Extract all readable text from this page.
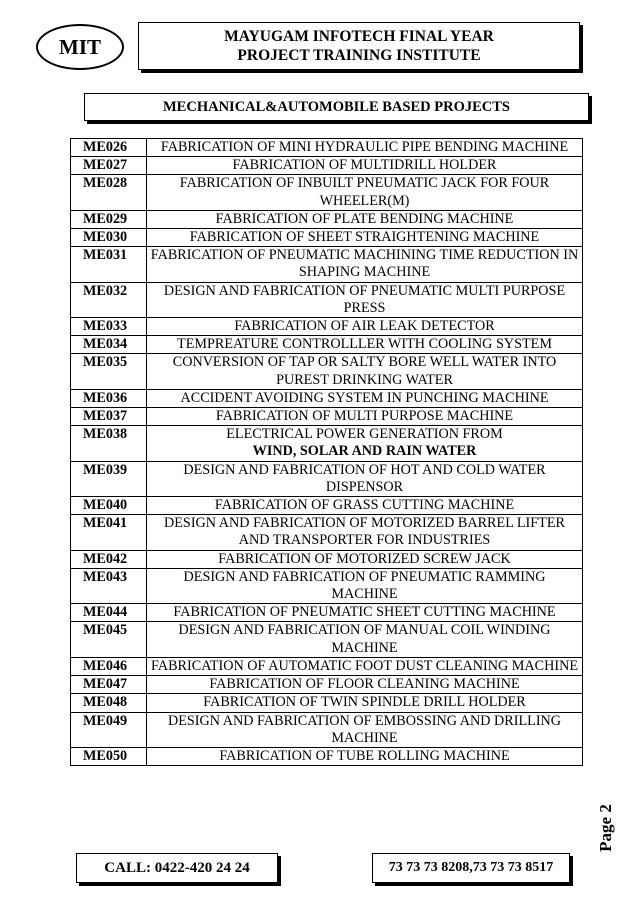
MIT	MAYUGAM INFOTECH FINAL YEAR
PROJECT TRAINING INSTITUTE
MECHANICAL&AUTOMOBILE BASED PROJECTS
ME026	FABRICATION OF MINI HYDRAULIC PIPE BENDING MACHINE
ME027	FABRICATION OF MULTIDRILL HOLDER
ME028	FABRICATION OF INBUILT PNEUMATIC JACK FOR FOUR WHEELER(M)
ME029	FABRICATION OF PLATE BENDING MACHINE
ME030	FABRICATION OF SHEET STRAIGHTENING MACHINE
ME031	FABRICATION OF PNEUMATIC MACHINING TIME REDUCTION IN SHAPING MACHINE
ME032	DESIGN AND FABRICATION OF PNEUMATIC MULTI PURPOSE PRESS
ME033	FABRICATION OF AIR LEAK DETECTOR
ME034	TEMPREATURE CONTROLLLER WITH COOLING SYSTEM
ME035	CONVERSION OF TAP OR SALTY BORE WELL WATER INTO PUREST DRINKING WATER
ME036	ACCIDENT AVOIDING SYSTEM IN PUNCHING MACHINE
ME037	FABRICATION OF MULTI PURPOSE MACHINE
ME038	ELECTRICAL POWER GENERATION FROM
WIND, SOLAR AND RAIN WATER

ME039	DESIGN AND FABRICATION OF HOT AND COLD WATER DISPENSOR
ME040	FABRICATION OF GRASS CUTTING MACHINE
ME041	DESIGN AND FABRICATION OF MOTORIZED BARREL LIFTER AND TRANSPORTER FOR INDUSTRIES
ME042	FABRICATION OF MOTORIZED SCREW JACK
ME043	DESIGN AND FABRICATION OF PNEUMATIC RAMMING MACHINE
ME044	FABRICATION OF PNEUMATIC SHEET CUTTING MACHINE
ME045	DESIGN AND FABRICATION OF MANUAL COIL WINDING MACHINE
ME046	FABRICATION OF AUTOMATIC FOOT DUST CLEANING MACHINE
ME047	FABRICATION OF FLOOR CLEANING MACHINE
ME048	FABRICATION OF TWIN SPINDLE DRILL HOLDER
ME049	DESIGN AND FABRICATION OF EMBOSSING AND DRILLING MACHINE
ME050	FABRICATION OF TUBE ROLLING MACHINE
Page 2
CALL: 0422-420 24 24	73 73 73 8208,73 73 73 8517
